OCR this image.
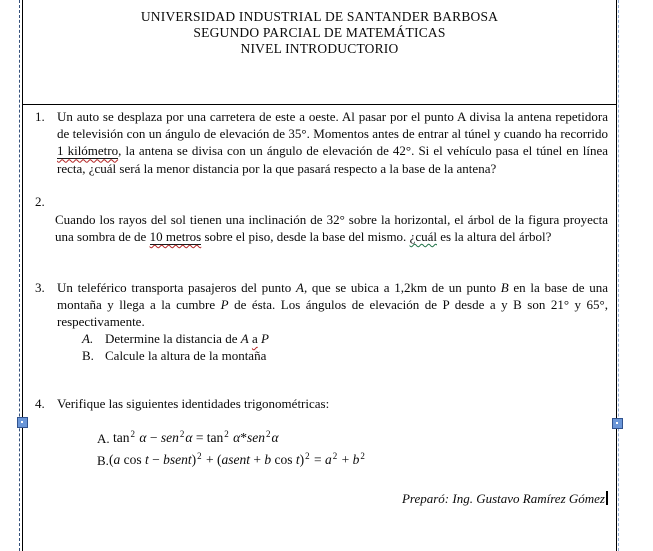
UNIVERSIDAD INDUSTRIAL DE SANTANDER BARBOSA
SEGUNDO PARCIAL DE MATEMÁTICAS
NIVEL INTRODUCTORIO
1. Un auto se desplaza por una carretera de este a oeste. Al pasar por el punto A divisa la antena repetidora de televisión con un ángulo de elevación de 35°. Momentos antes de entrar al túnel y cuando ha recorrido 1 kilómetro, la antena se divisa con un ángulo de elevación de 42°. Si el vehículo pasa el túnel en línea recta, ¿cuál será la menor distancia por la que pasará respecto a la base de la antena?

2.

Cuando los rayos del sol tienen una inclinación de 32° sobre la horizontal, el árbol de la figura proyecta una sombra de de 10 metros sobre el piso, desde la base del mismo. ¿cuál es la altura del árbol?

3. Un teleférico transporta pasajeros del punto A, que se ubica a 1,2km de un punto B en la base de una montaña y llega a la cumbre P de ésta. Los ángulos de elevación de P desde a y B son 21° y 65°, respectivamente.

A. Determine la distancia de A a P
B. Calcule la altura de la montaña
4. Verifique las siguientes identidades trigonométricas:
A. $\tan^2 \alpha - sen^2\alpha = \tan^2 \alpha*sen^2\alpha$
B. (a cos t − bsent)$^2$ + (asent + b $\cos t)^2 = a^2 + b^2$
Preparó: Ing. Gustavo Ramírez Gómez
